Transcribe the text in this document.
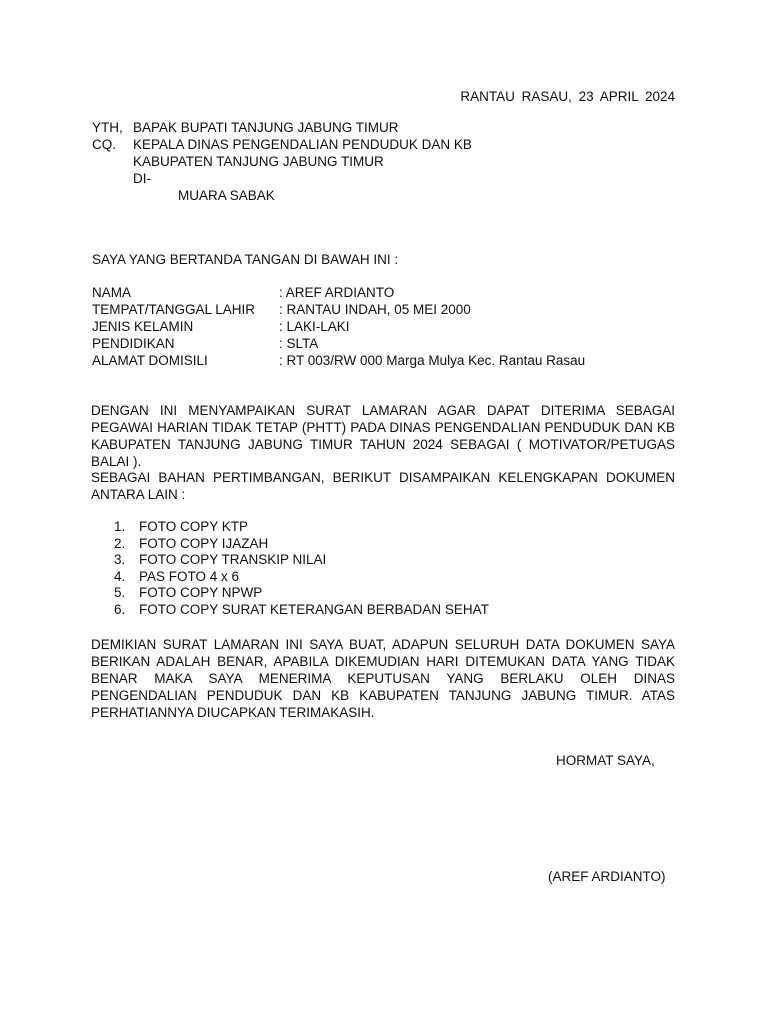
RANTAU RASAU, 23 APRIL 2024
YTH, BAPAK BUPATI TANJUNG JABUNG TIMUR
CQ. KEPALA DINAS PENGENDALIAN PENDUDUK DAN KB
KABUPATEN TANJUNG JABUNG TIMUR
DI-
MUARA SABAK
SAYA YANG BERTANDA TANGAN DI BAWAH INI :
NAMA	: AREF ARDIANTO
TEMPAT/TANGGAL LAHIR : RANTAU INDAH, 05 MEI 2000
JENIS KELAMIN	: LAKI-LAKI
PENDIDIKAN	: SLTA
ALAMAT DOMISILI	: RT 003/RW 000 Marga Mulya Kec. Rantau Rasau
DENGAN INI MENYAMPAIKAN SURAT LAMARAN AGAR DAPAT DITERIMA SEBAGAI PEGAWAI HARIAN TIDAK TETAP (PHTT) PADA DINAS PENGENDALIAN PENDUDUK DAN KB KABUPATEN TANJUNG JABUNG TIMUR TAHUN 2024 SEBAGAI ( MOTIVATOR/PETUGAS BALAI ).
SEBAGAI BAHAN PERTIMBANGAN, BERIKUT DISAMPAIKAN KELENGKAPAN DOKUMEN ANTARA LAIN :
1. FOTO COPY KTP
2. FOTO COPY IJAZAH
3. FOTO COPY TRANSKIP NILAI
4. PAS FOTO 4 x 6
5. FOTO COPY NPWP
6. FOTO COPY SURAT KETERANGAN BERBADAN SEHAT
DEMIKIAN SURAT LAMARAN INI SAYA BUAT, ADAPUN SELURUH DATA DOKUMEN SAYA BERIKAN ADALAH BENAR, APABILA DIKEMUDIAN HARI DITEMUKAN DATA YANG TIDAK BENAR MAKA SAYA MENERIMA KEPUTUSAN YANG BERLAKU OLEH DINAS PENGENDALIAN PENDUDUK DAN KB KABUPATEN TANJUNG JABUNG TIMUR. ATAS PERHATIANNYA DIUCAPKAN TERIMAKASIH.
HORMAT SAYA,
(AREF ARDIANTO)
